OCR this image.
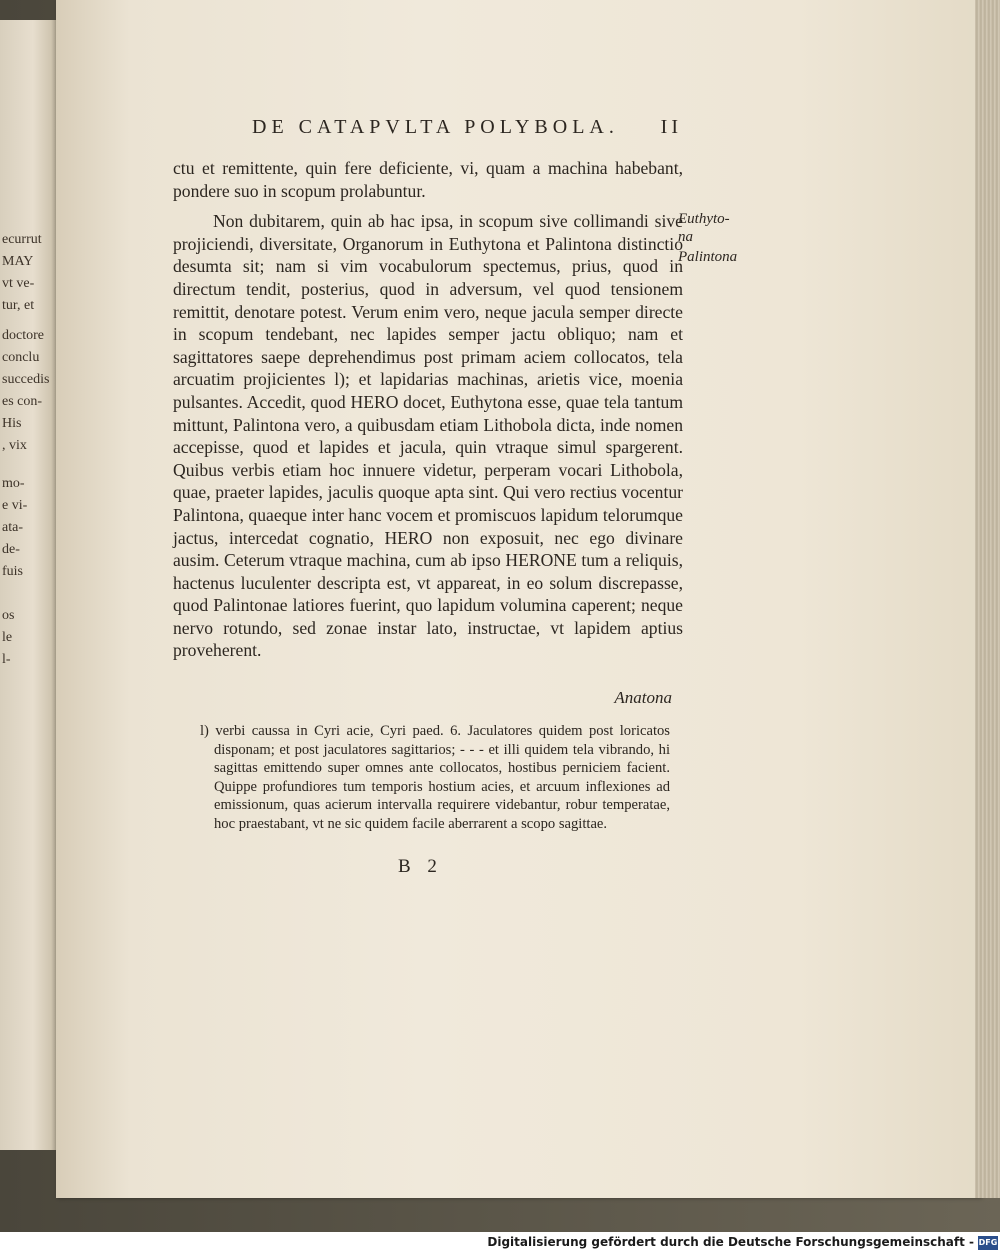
ecurrut
MAY
vt ve-
tur, et
doctore
conclu
succedis
es con-
His
, vix
mo-
e vi-
ata-
de-
fuis
os
le
l-
DE CATAPVLTA POLYBOLA. II

ctu et remittente, quin fere deficiente, vi, quam a machina habebant, pondere suo in scopum prolabuntur.

Non dubitarem, quin ab hac ipsa, in scopum sive collimandi sive projiciendi, diversitate, Organorum in Euthytona et Palintona distinctio desumta sit; nam si vim vocabulorum spectemus, prius, quod in directum tendit, posterius, quod in adversum, vel quod tensionem remittit, denotare potest. Verum enim vero, neque jacula semper directe in scopum tendebant, nec lapides semper jactu obliquo; nam et sagittatores saepe deprehendimus post primam aciem collocatos, tela arcuatim projicientes l); et lapidarias machinas, arietis vice, moenia pulsantes. Accedit, quod HERO docet, Euthytona esse, quae tela tantum mittunt, Palintona vero, a quibusdam etiam Lithobola dicta, inde nomen accepisse, quod et lapides et jacula, quin vtraque simul spargerent. Quibus verbis etiam hoc innuere videtur, perperam vocari Lithobola, quae, praeter lapides, jaculis quoque apta sint. Qui vero rectius vocentur Palintona, quaeque inter hanc vocem et promiscuos lapidum telorumque jactus, intercedat cognatio, HERO non exposuit, nec ego divinare ausim. Ceterum vtraque machina, cum ab ipso HERONE tum a reliquis, hactenus luculenter descripta est, vt appareat, in eo solum discrepasse, quod Palintonae latiores fuerint, quo lapidum volumina caperent; neque nervo rotundo, sed zonae instar lato, instructae, vt lapidem aptius proveherent.

Euthyto-
na
Palintona
Anatona

l) verbi caussa in Cyri acie, Cyri paed. 6. Jaculatores quidem post loricatos disponam; et post jaculatores sagittarios; - - - et illi quidem tela vibrando, hi sagittas emittendo super omnes ante collocatos, hostibus perniciem facient. Quippe profundiores tum temporis hostium acies, et arcuum inflexiones ad emissionum, quas acierum intervalla requirere videbantur, robur temperatae, hoc praestabant, vt ne sic quidem facile aberrarent a scopo sagittae.

B 2
Digitalisierung gefördert durch die Deutsche Forschungsgemeinschaft - DFG
